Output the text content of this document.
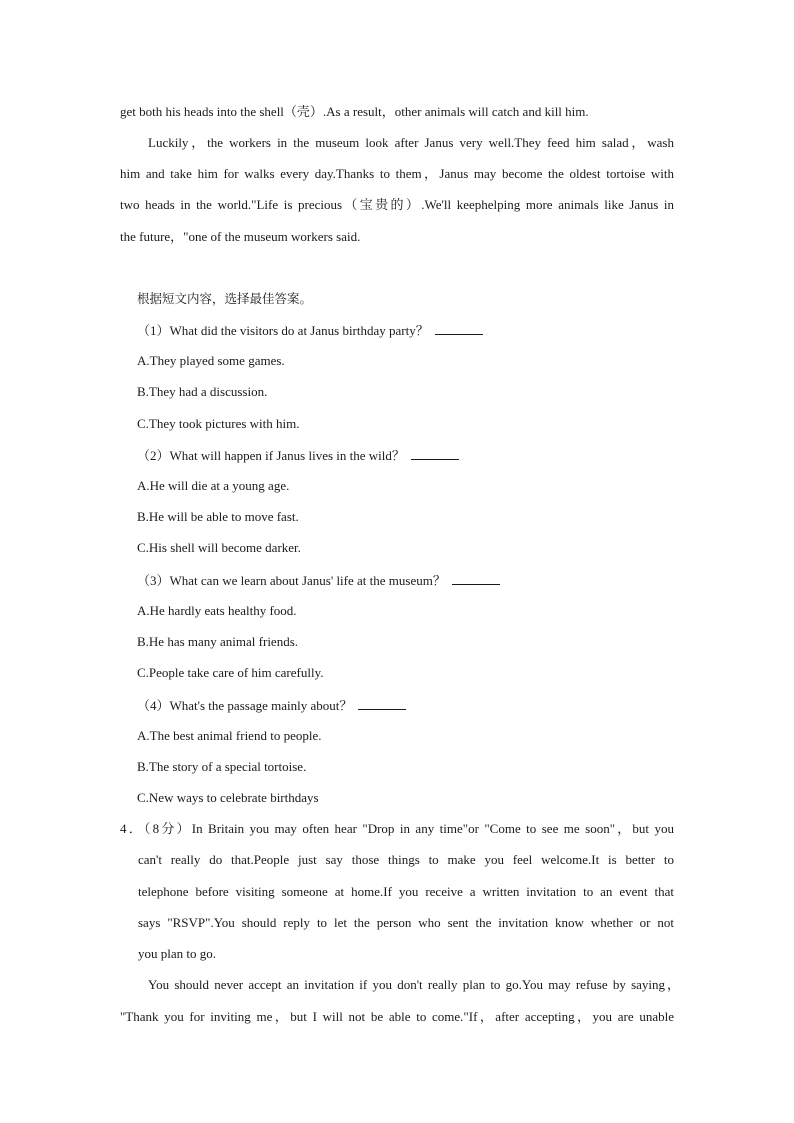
get both his heads into the shell（壳）.As a result，other animals will catch and kill him.
Luckily，the workers in the museum look after Janus very well.They feed him salad，wash
him and take him for walks every day.Thanks to them，Janus may become the oldest tortoise with
two heads in the world."Life is precious（宝贵的）.We'll keephelping more animals like Janus in
the future，"one of the museum workers said.
根据短文内容，选择最佳答案。
（1）What did the visitors do at Janus birthday party？
A.They played some games.
B.They had a discussion.
C.They took pictures with him.
（2）What will happen if Janus lives in the wild？
A.He will die at a young age.
B.He will be able to move fast.
C.His shell will become darker.
（3）What can we learn about Janus' life at the museum？
A.He hardly eats healthy food.
B.He has many animal friends.
C.People take care of him carefully.
（4）What's the passage mainly about？
A.The best animal friend to people.
B.The story of a special tortoise.
C.New ways to celebrate birthdays
4．（8分）In Britain you may often hear "Drop in any time"or "Come to see me soon"，but you
can't really do that.People just say those things to make you feel welcome.It is better to
telephone before visiting someone at home.If you receive a written invitation to an event that
says "RSVP".You should reply to let the person who sent the invitation know whether or not
you plan to go.
You should never accept an invitation if you don't really plan to go.You may refuse by saying，
"Thank you for inviting me，but I will not be able to come."If，after accepting，you are unable
